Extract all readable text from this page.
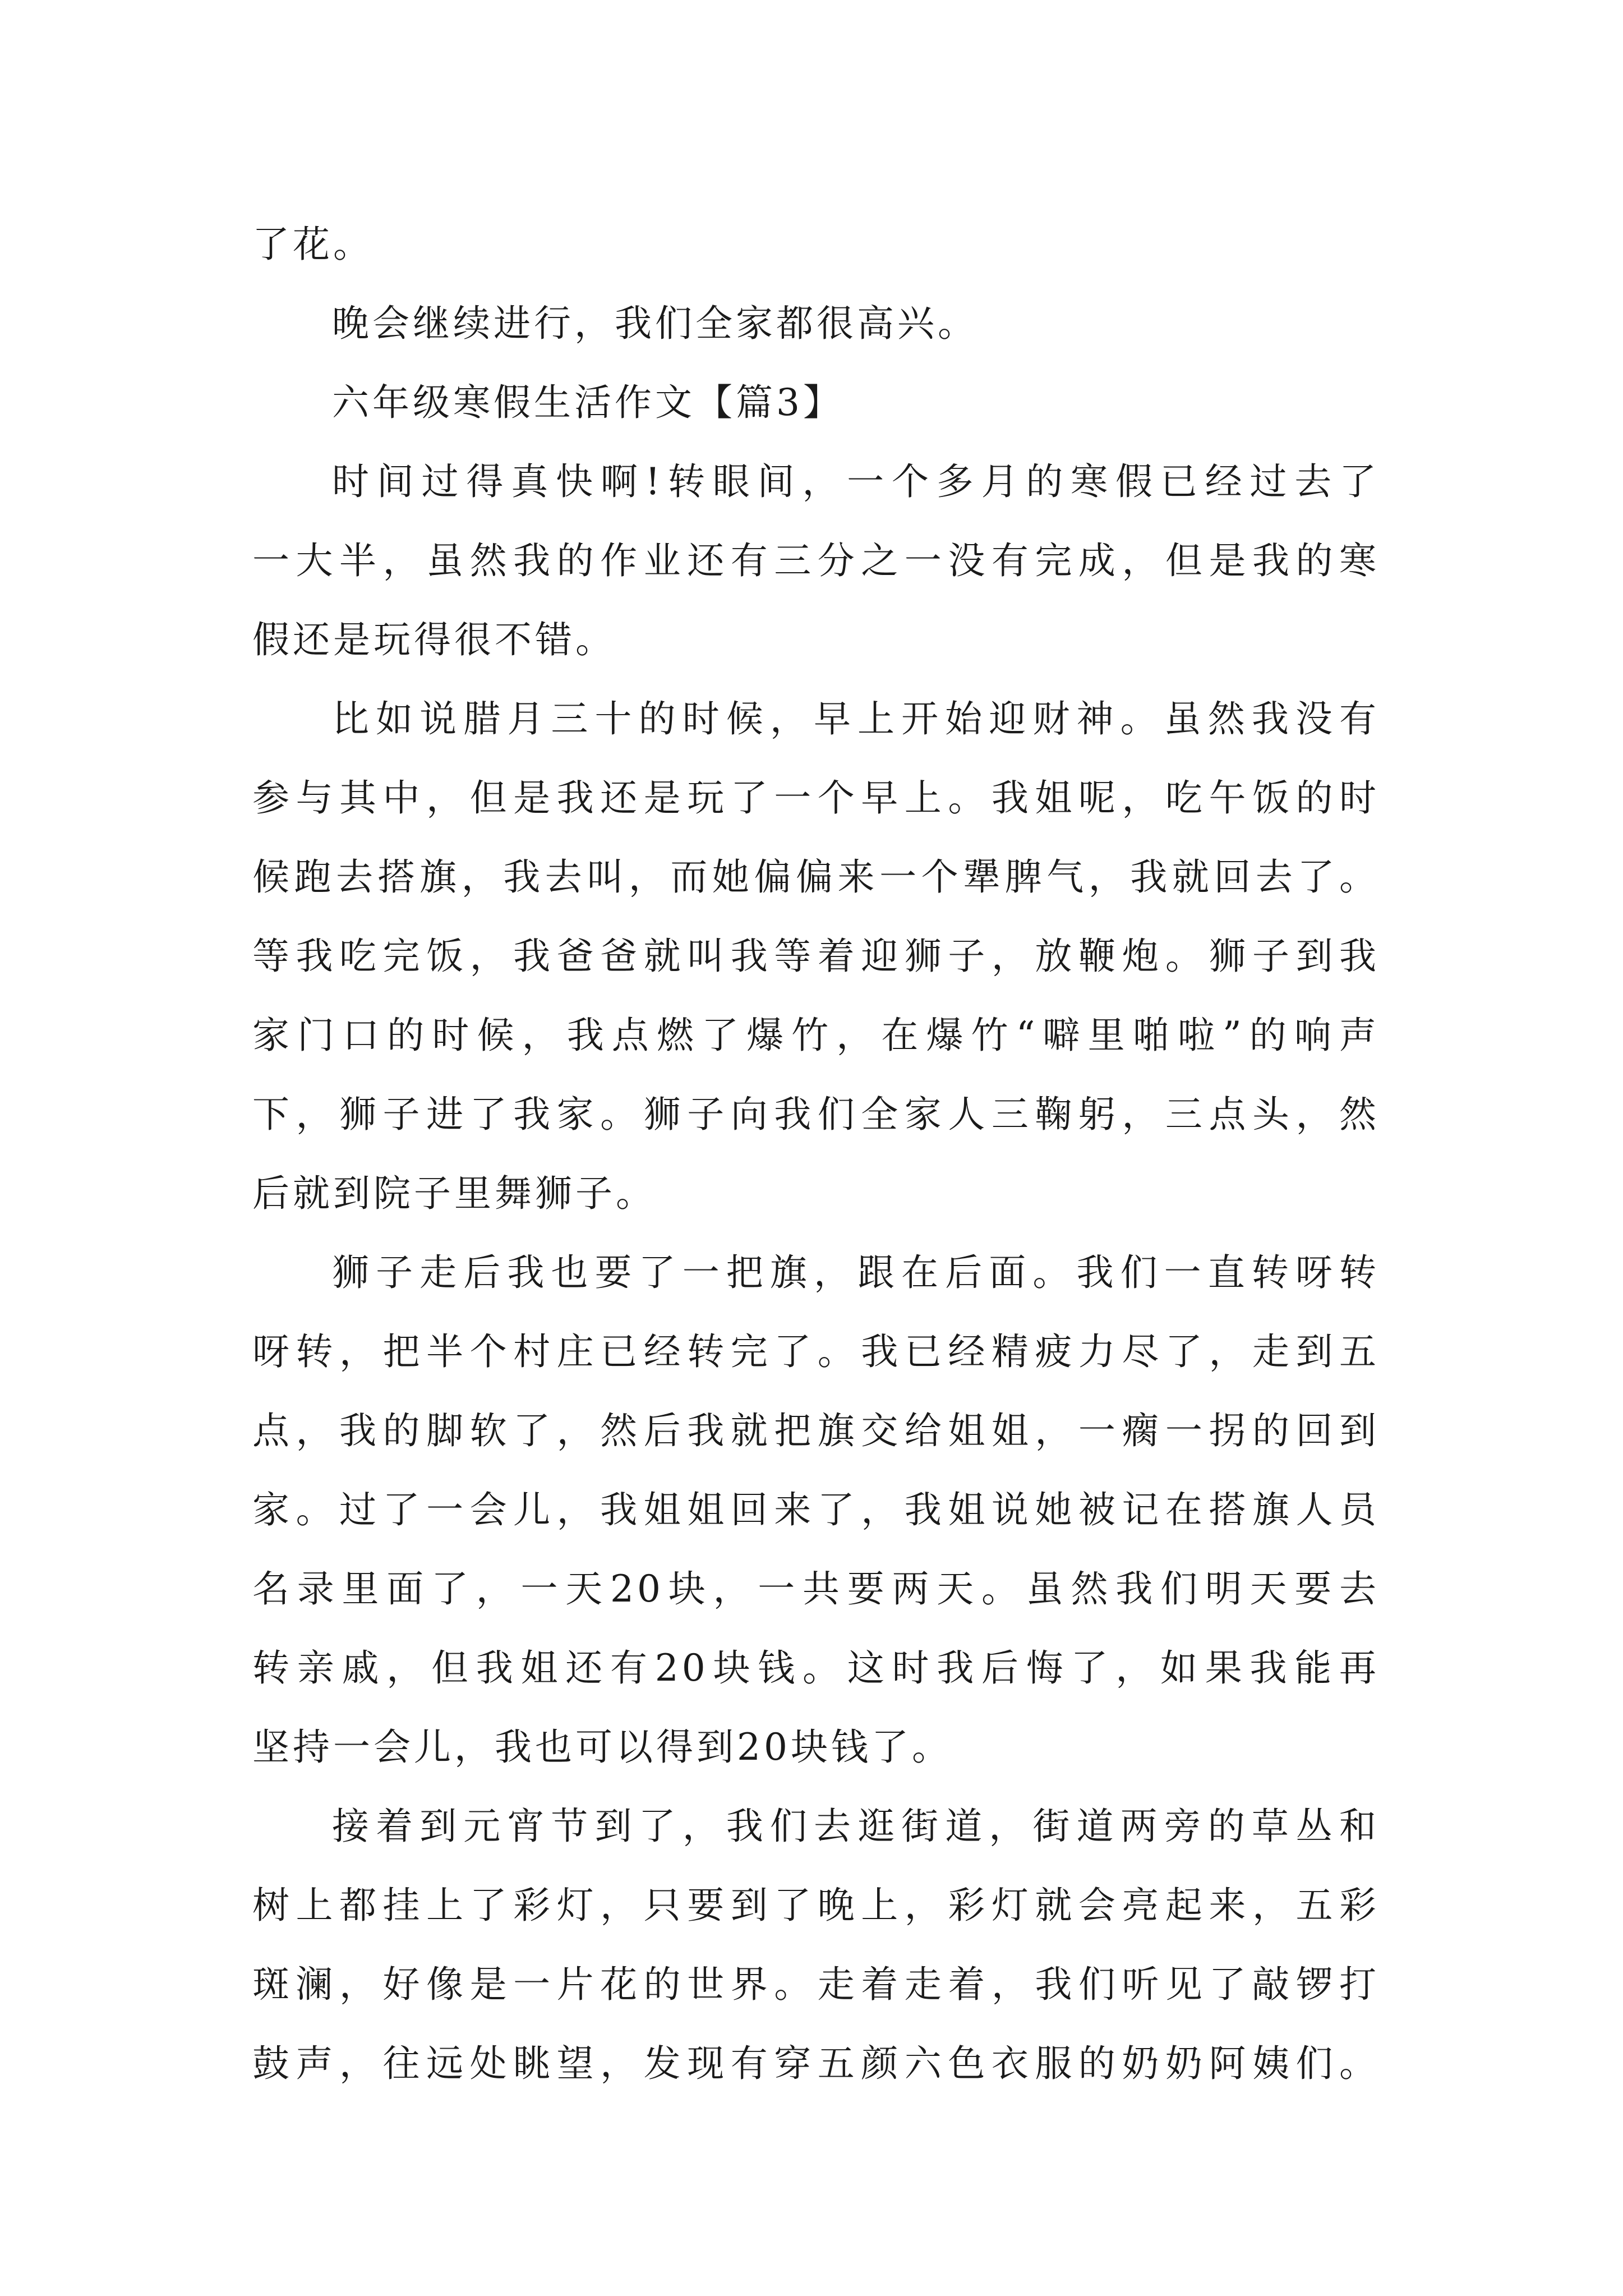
了花。
晚会继续进行，我们全家都很高兴。
六年级寒假生活作文【篇3】
时间过得真快啊!转眼间，一个多月的寒假已经过去了
一大半，虽然我的作业还有三分之一没有完成，但是我的寒
假还是玩得很不错。
比如说腊月三十的时候，早上开始迎财神。虽然我没有
参与其中，但是我还是玩了一个早上。我姐呢，吃午饭的时
候跑去搭旗，我去叫，而她偏偏来一个犟脾气，我就回去了。
等我吃完饭，我爸爸就叫我等着迎狮子，放鞭炮。狮子到我
家门口的时候，我点燃了爆竹，在爆竹“噼里啪啦”的响声
下，狮子进了我家。狮子向我们全家人三鞠躬，三点头，然
后就到院子里舞狮子。
狮子走后我也要了一把旗，跟在后面。我们一直转呀转
呀转，把半个村庄已经转完了。我已经精疲力尽了，走到五
点，我的脚软了，然后我就把旗交给姐姐，一瘸一拐的回到
家。过了一会儿，我姐姐回来了，我姐说她被记在搭旗人员
名录里面了，一天20块，一共要两天。虽然我们明天要去
转亲戚，但我姐还有20块钱。这时我后悔了，如果我能再
坚持一会儿，我也可以得到20块钱了。
接着到元宵节到了，我们去逛街道，街道两旁的草丛和
树上都挂上了彩灯，只要到了晚上，彩灯就会亮起来，五彩
斑澜，好像是一片花的世界。走着走着，我们听见了敲锣打
鼓声，往远处眺望，发现有穿五颜六色衣服的奶奶阿姨们。
